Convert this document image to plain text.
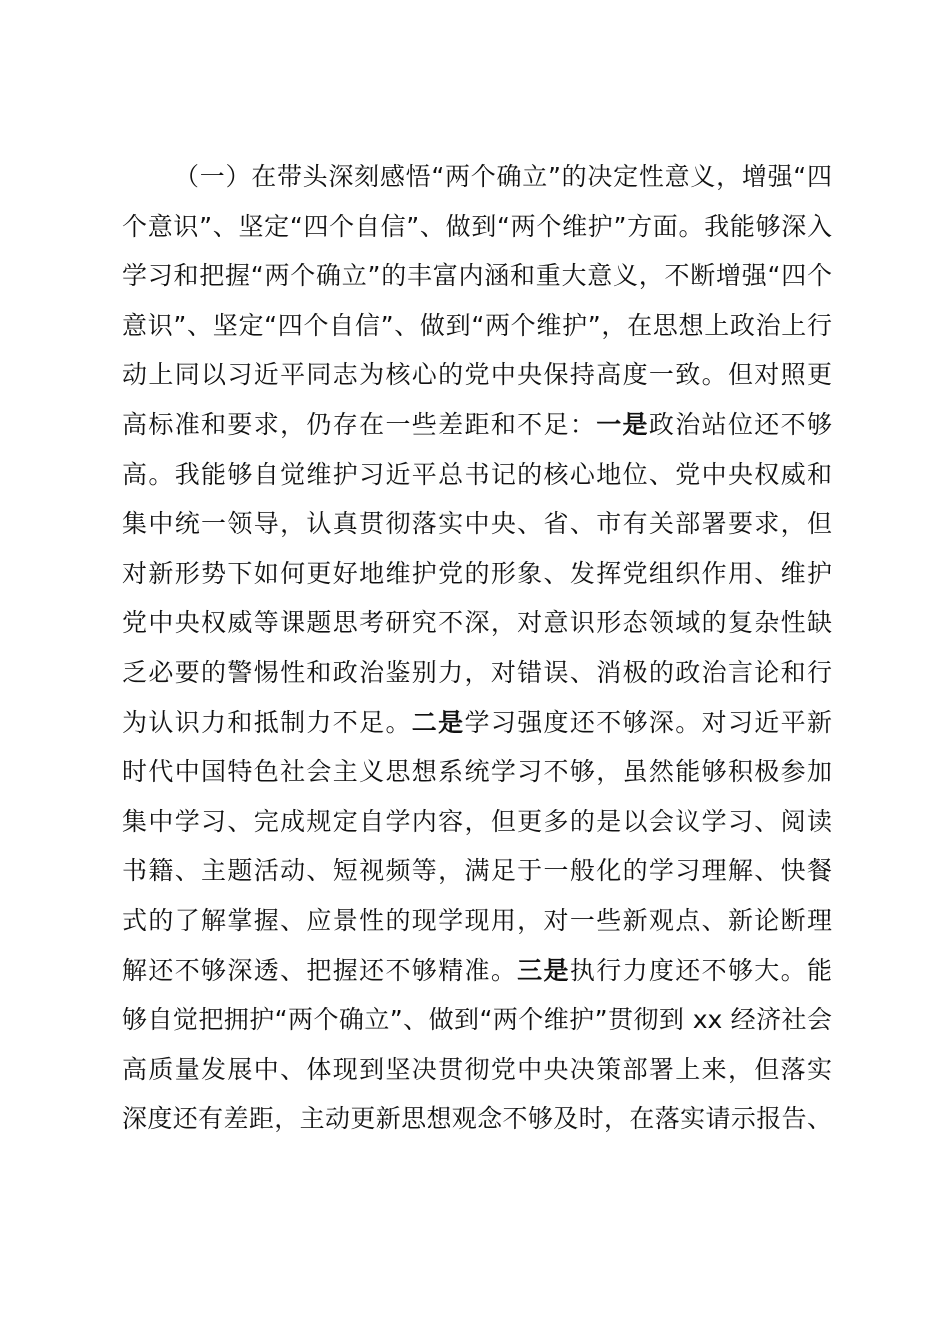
（一）在带头深刻感悟“两个确立”的决定性意义，增强“四
个意识”、坚定“四个自信”、做到“两个维护”方面。我能够深入
学习和把握“两个确立”的丰富内涵和重大意义，不断增强“四个
意识”、坚定“四个自信”、做到“两个维护”，在思想上政治上行
动上同以习近平同志为核心的党中央保持高度一致。但对照更
高标准和要求，仍存在一些差距和不足：一是政治站位还不够
高。我能够自觉维护习近平总书记的核心地位、党中央权威和
集中统一领导，认真贯彻落实中央、省、市有关部署要求，但
对新形势下如何更好地维护党的形象、发挥党组织作用、维护
党中央权威等课题思考研究不深，对意识形态领域的复杂性缺
乏必要的警惕性和政治鉴别力，对错误、消极的政治言论和行
为认识力和抵制力不足。二是学习强度还不够深。对习近平新
时代中国特色社会主义思想系统学习不够，虽然能够积极参加
集中学习、完成规定自学内容，但更多的是以会议学习、阅读
书籍、主题活动、短视频等，满足于一般化的学习理解、快餐
式的了解掌握、应景性的现学现用，对一些新观点、新论断理
解还不够深透、把握还不够精准。三是执行力度还不够大。能
够自觉把拥护“两个确立”、做到“两个维护”贯彻到 xx 经济社会
高质量发展中、体现到坚决贯彻党中央决策部署上来，但落实
深度还有差距，主动更新思想观念不够及时，在落实请示报告、
